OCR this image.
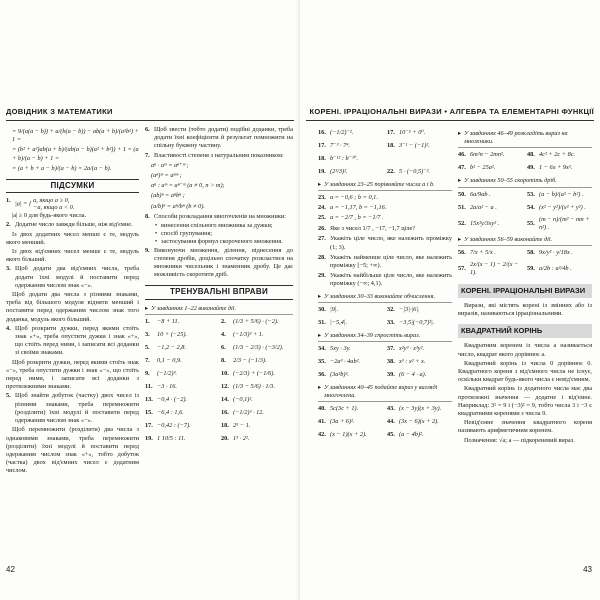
ДОВІДНИК З МАТЕМАТИКИ
= 9/(a(a − b)) + a/(b(a − b)) − ab(a + b)/(a²b²) + 1 =
= (b² + a²)ab(a + b)/(ab(a − b)(a² + b²)) + 1 = (a + b)/(a − b) + 1 =
= (a + b + a − b)/(a − b) = 2a/(a − b).
ПІДСУМКИ
1. |a| = { a, якщо a ≥ 0,
−a, якщо a < 0.
|a| ≥ 0 для будь-якого числа.
2. Додатне число завжди більше, ніж від'ємне.
Із двох додатних чисел менше є те, модуль якого менший.
Із двох від'ємних чисел менше є те, модуль якого більший.
3. Щоб додати два від'ємних числа, треба додати їхні модулі й поставити перед одержаним числом знак «−».
Щоб додати два числа з різними знаками, треба від більшого модуля відняти менший і поставити перед одержаним числом знак того доданка, модуль якого більший.
4. Щоб розкрити дужки, перед якими стоїть знак «+», треба опустити дужки і знак «+», що стоїть перед ними, і записати всі доданки зі своїми знаками.
Щоб розкрити дужки, перед якими стоїть знак «−», треба опустити дужки і знак «−», що стоїть перед ними, і записати всі доданки з протилежними знаками.
5. Щоб знайти добуток (частку) двох чисел із різними знаками, треба перемножити (розділити) їхні модулі й поставити перед одержаним числом знак «−».
Щоб перемножити (розділити) два числа з однаковими знаками, треба перемножити (розділити) їхні модулі й поставити перед одержаним числом знак «+», тобто добуток (частка) двох від'ємних чисел є додатним числом.
6. Щоб звести (тобто додати) подібні доданки, треба додати їхні коефіцієнти й результат помножити на спільну буквену частину.
7. Властивості степеня з натуральним показником:
aⁿ · aᵐ = aⁿ⁺ᵐ ;
(aⁿ)ᵐ = aⁿᵐ ;
aⁿ : aᵐ = aⁿ⁻ᵐ (a ≠ 0, n > m);
(ab)ⁿ = aⁿbⁿ ;
(a/b)ⁿ = aⁿ/bⁿ (b ≠ 0).
8. Способи розкладання многочленів на множники:
• винесення спільного множника за дужки;
• спосіб групування;
• застосування формул скороченого множення.
9. Виконуючи множення, ділення, піднесення до степеня дробів, доцільно спочатку розкластися на множники чисельник і знаменник дробу. Це дає можливість скоротити дріб.
ТРЕНУВАЛЬНІ ВПРАВИ
▸ У завданнях 1–22 виконайте дії.
1.	−8 + 11.	2.	(1/3 + 5/6) · (−2).
3.	10 + (−25).	4.	(−1/3)² + 1.
5.	−1,2 − 2,8.	6.	(1/3 − 2/3) · (−3/2).
7.	0,1 − 0,9.	8.	2/3 − (−1/3).
9.	(−1/2)³.	10. (−2/3) + (−1/6).
11. −3 · 16.	12. (1/3 − 5/6) · 1/3.
13. −0,4 · (−2).	14. (−0,1)².
15. −6,4 : 1,6.	16. (−1/2)³ · 12.
17. −0,42 : (−7).	18. 2⁵ − 1.
19. 1 10/5 : 11.	20. 1³ · 2².
42
КОРЕНІ. ІРРАЦІОНАЛЬНІ ВИРАЗИ • АЛГЕБРА ТА ЕЛЕМЕНТАРНІ ФУНКЦІЇ
16. (−1/2)⁻².	17. 10⁻⁵ + 0⁰.
17. 7⁻³ · 7⁴.	18. 3⁻¹ − (−1)².
18. b⁻¹² : b⁻¹⁰.
19. (2³/3)².	22. 5 · (−0,5)⁻².
▸ У завданнях 23–25 порівняйте числа a і b.
23. a = −0,6 ; b = 0,1.
24. a = −1,17, b = −1,16.
25. a = −2/7 , b = −1/7 .
26. Яке з чисел 1/7 , −17, −1,7 ціле?
27. Укажіть ціле число, яке належить проміжку (1; 3).
28. Укажіть найменше ціле число, яке належить проміжку [−5; +∞).
29. Укажіть найбільше ціле число, яке належить проміжку (−∞; 4,1).
▸ У завданнях 30–33 виконайте обчислення.
30. |9|.	32. −|3|·|6|.
31. |−5,4|.	33. −3,5|(−0,7)²|.
▸ У завданнях 34–39 спростіть вираз.
34. 5xy · 3y.	37. x²y³ · x³y².
35. −2a³ · 4ab².	38. x³ : x² + x.
36. (3a²b)².	39. (6 − 4 · a).
▸ У завданнях 40–45 подайте вираз у вигляді многочлена.
40. 5c(3c + 1).	43. (x − 3y)(x + 3y).
41. (3a + 6)².	44. (3x − 6)(x + 2).
42. (x − 1)(x + 2).	45. (a − 4b)².
▸ У завданнях 46–49 розкладіть вираз на множники.
46. 6m²n − 2mn².	48. 4c² + 2c + 8c.
47. b² − 25a².	49. 1 − 6x + 9x².
▸ У завданнях 50–55 скоротіть дріб.
50. 6a/9ab .	53. (a − b)/(a² − b²) .
51. 2a/a² − a .	54. (x² − y²)/(x² + y²) .
52. 15x²y/3xy² .	55.
(m − n)/(m² − mn + n²) .
▸ У завданнях 56–59 виконайте дії.
56. 7/x + 5/x .	58. 9x/y² · y/18x .
57.
2x/(x − 1) − 2/(x − 1).
59. a/2b : a²/4b .
КОРЕНІ. ІРРАЦІОНАЛЬНІ ВИРАЗИ
Вирази, які містять корені із змінних або із виразів, називаються ірраціональними.
КВАДРАТНИЙ КОРІНЬ
Квадратним коренем із числа a називається число, квадрат якого дорівнює a.
Квадратний корінь із числа 0 дорівнює 0. Квадратного кореня з від'ємного числа не існує, оскільки квадрат будь-якого числа є невід'ємним.
Квадратний корінь із додатного числа має два протилежні значення — додатне і від'ємне. Наприклад: 3² = 9 і (−3)² = 9, тобто числа 3 і −3 є квадратними коренями з числа 9.
Невід'ємне значення квадратного кореня називають арифметичним коренем.
Позначення: √a; a — підкореневий вираз.
43
